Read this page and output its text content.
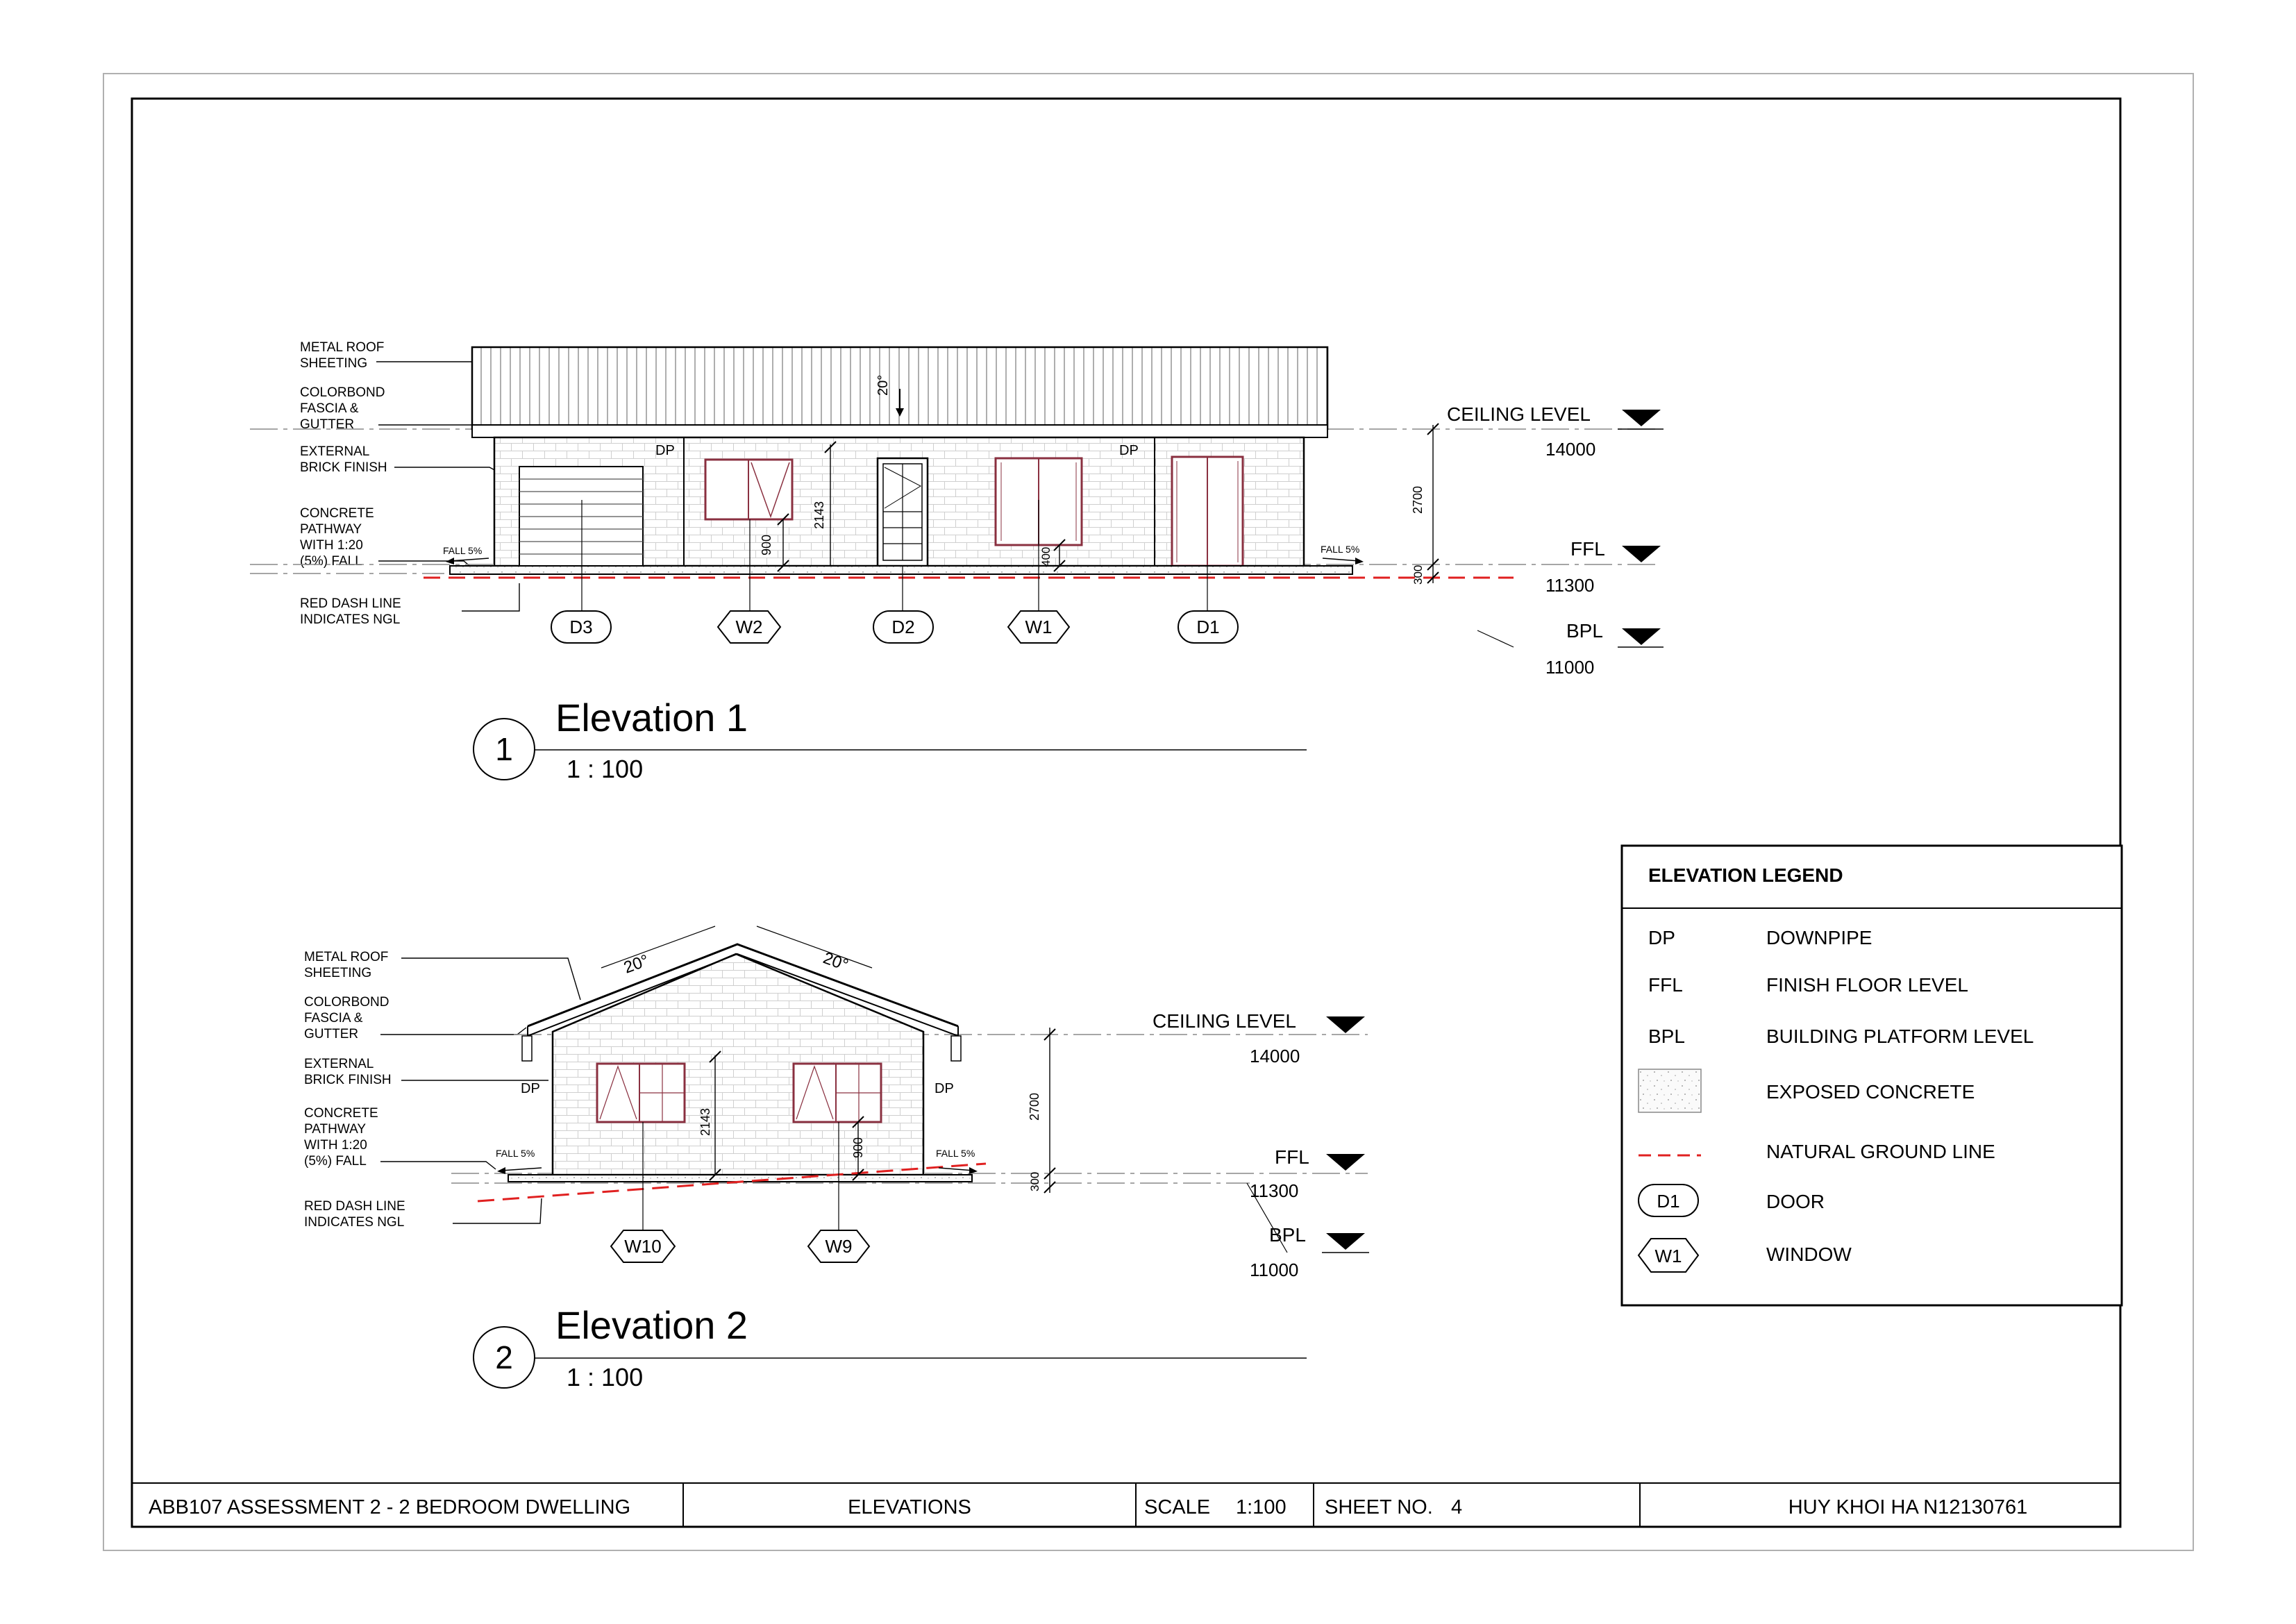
METAL ROOF
SHEETING
COLORBOND
FASCIA &
GUTTER
EXTERNAL
BRICK FINISH
CONCRETE
PATHWAY
WITH 1:20
(5%) FALL
RED DASH LINE
INDICATES NGL
20°
DP	DP
FALL 5%	FALL 5%
2143
900
400
2700
300
CEILING LEVEL
14000
FFL
11300
BPL
11000
D3	W2	D2	W1	D1
1
Elevation 1
1 : 100
METAL ROOF
SHEETING
COLORBOND
FASCIA &
GUTTER
EXTERNAL
BRICK FINISH
CONCRETE
PATHWAY
WITH 1:20
(5%) FALL
RED DASH LINE
INDICATES NGL
DP	DP
20°	20°
FALL 5%	FALL 5%
2143
900
2700
300
CEILING LEVEL
14000
FFL
11300
BPL
11000
W10	W9
2
Elevation 2
1 : 100
ELEVATION LEGEND
DP	DOWNPIPE
FFL	FINISH FLOOR LEVEL
BPL	BUILDING PLATFORM LEVEL
EXPOSED CONCRETE
NATURAL GROUND LINE
D1	DOOR
W1	WINDOW
ABB107 ASSESSMENT 2 - 2 BEDROOM DWELLING	ELEVATIONS	SCALE 1:100 SHEET NO. 4	HUY KHOI HA N12130761
